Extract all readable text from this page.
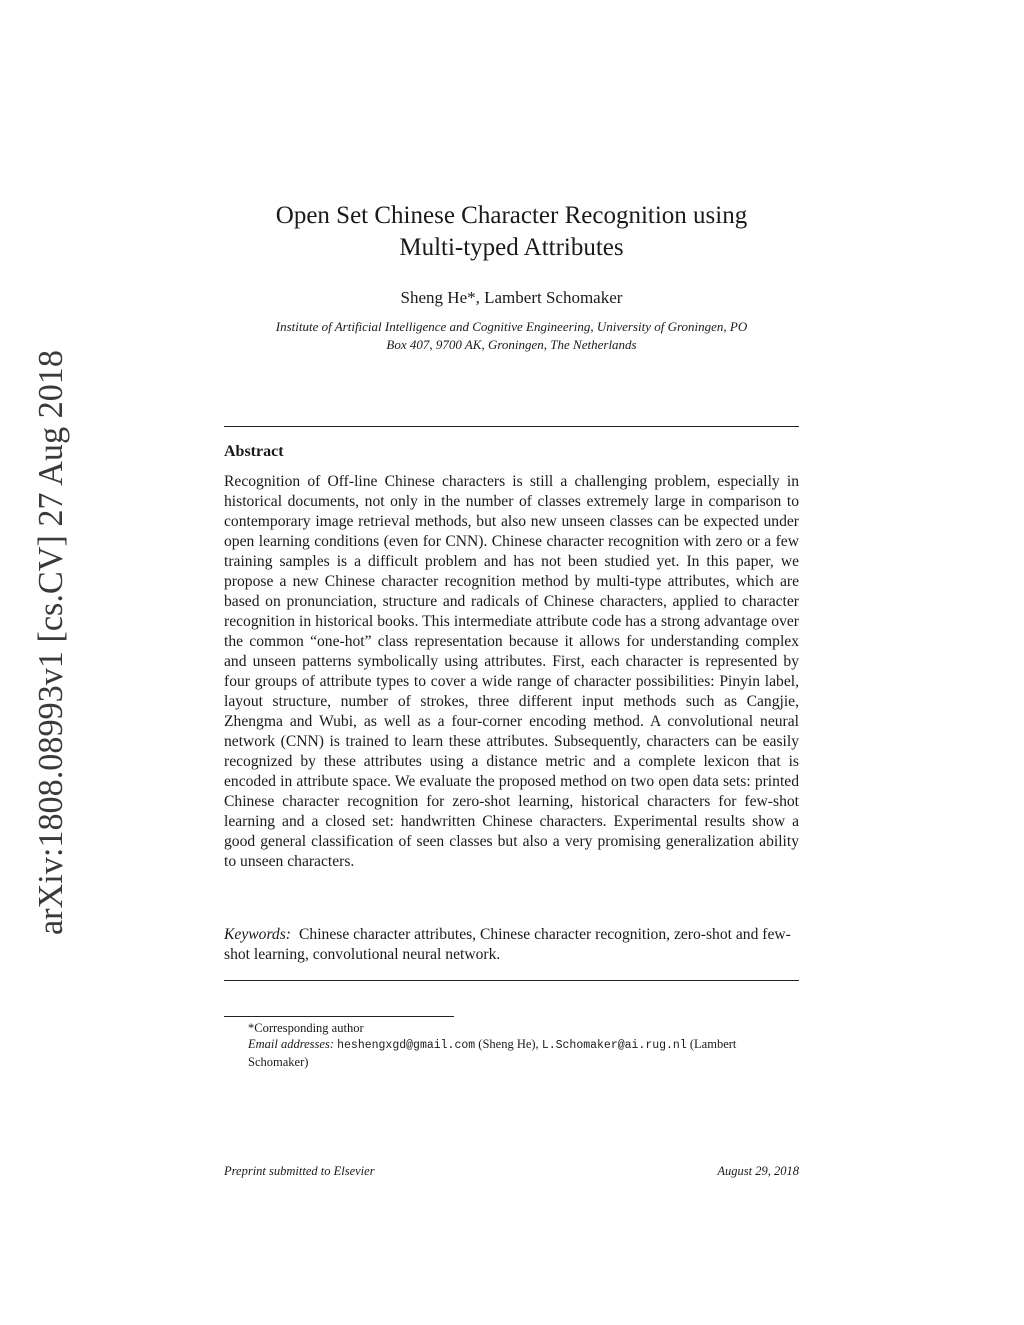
arXiv:1808.08993v1 [cs.CV] 27 Aug 2018
Open Set Chinese Character Recognition using
Multi-typed Attributes
Sheng He*, Lambert Schomaker
Institute of Artificial Intelligence and Cognitive Engineering, University of Groningen, PO
Box 407, 9700 AK, Groningen, The Netherlands
Abstract

Recognition of Off-line Chinese characters is still a challenging problem, especially in historical documents, not only in the number of classes extremely large in comparison to contemporary image retrieval methods, but also new unseen classes can be expected under open learning conditions (even for CNN). Chinese character recognition with zero or a few training samples is a difficult problem and has not been studied yet. In this paper, we propose a new Chinese character recognition method by multi-type attributes, which are based on pronunciation, structure and radicals of Chinese characters, applied to character recognition in historical books. This intermediate attribute code has a strong advantage over the common “one-hot” class representation because it allows for understanding complex and unseen patterns symbolically using attributes. First, each character is represented by four groups of attribute types to cover a wide range of character possibilities: Pinyin label, layout structure, number of strokes, three different input methods such as Cangjie, Zhengma and Wubi, as well as a four-corner encoding method. A convolutional neural network (CNN) is trained to learn these attributes. Subsequently, characters can be easily recognized by these attributes using a distance metric and a complete lexicon that is encoded in attribute space. We evaluate the proposed method on two open data sets: printed Chinese character recognition for zero-shot learning, historical characters for few-shot learning and a closed set: handwritten Chinese characters. Experimental results show a good general classification of seen classes but also a very promising generalization ability to unseen characters.

Keywords: Chinese character attributes, Chinese character recognition, zero-shot and few-shot learning, convolutional neural network.

*Corresponding author
Email addresses: heshengxgd@gmail.com (Sheng He), L.Schomaker@ai.rug.nl (Lambert Schomaker)
Preprint submitted to Elsevier	August 29, 2018
